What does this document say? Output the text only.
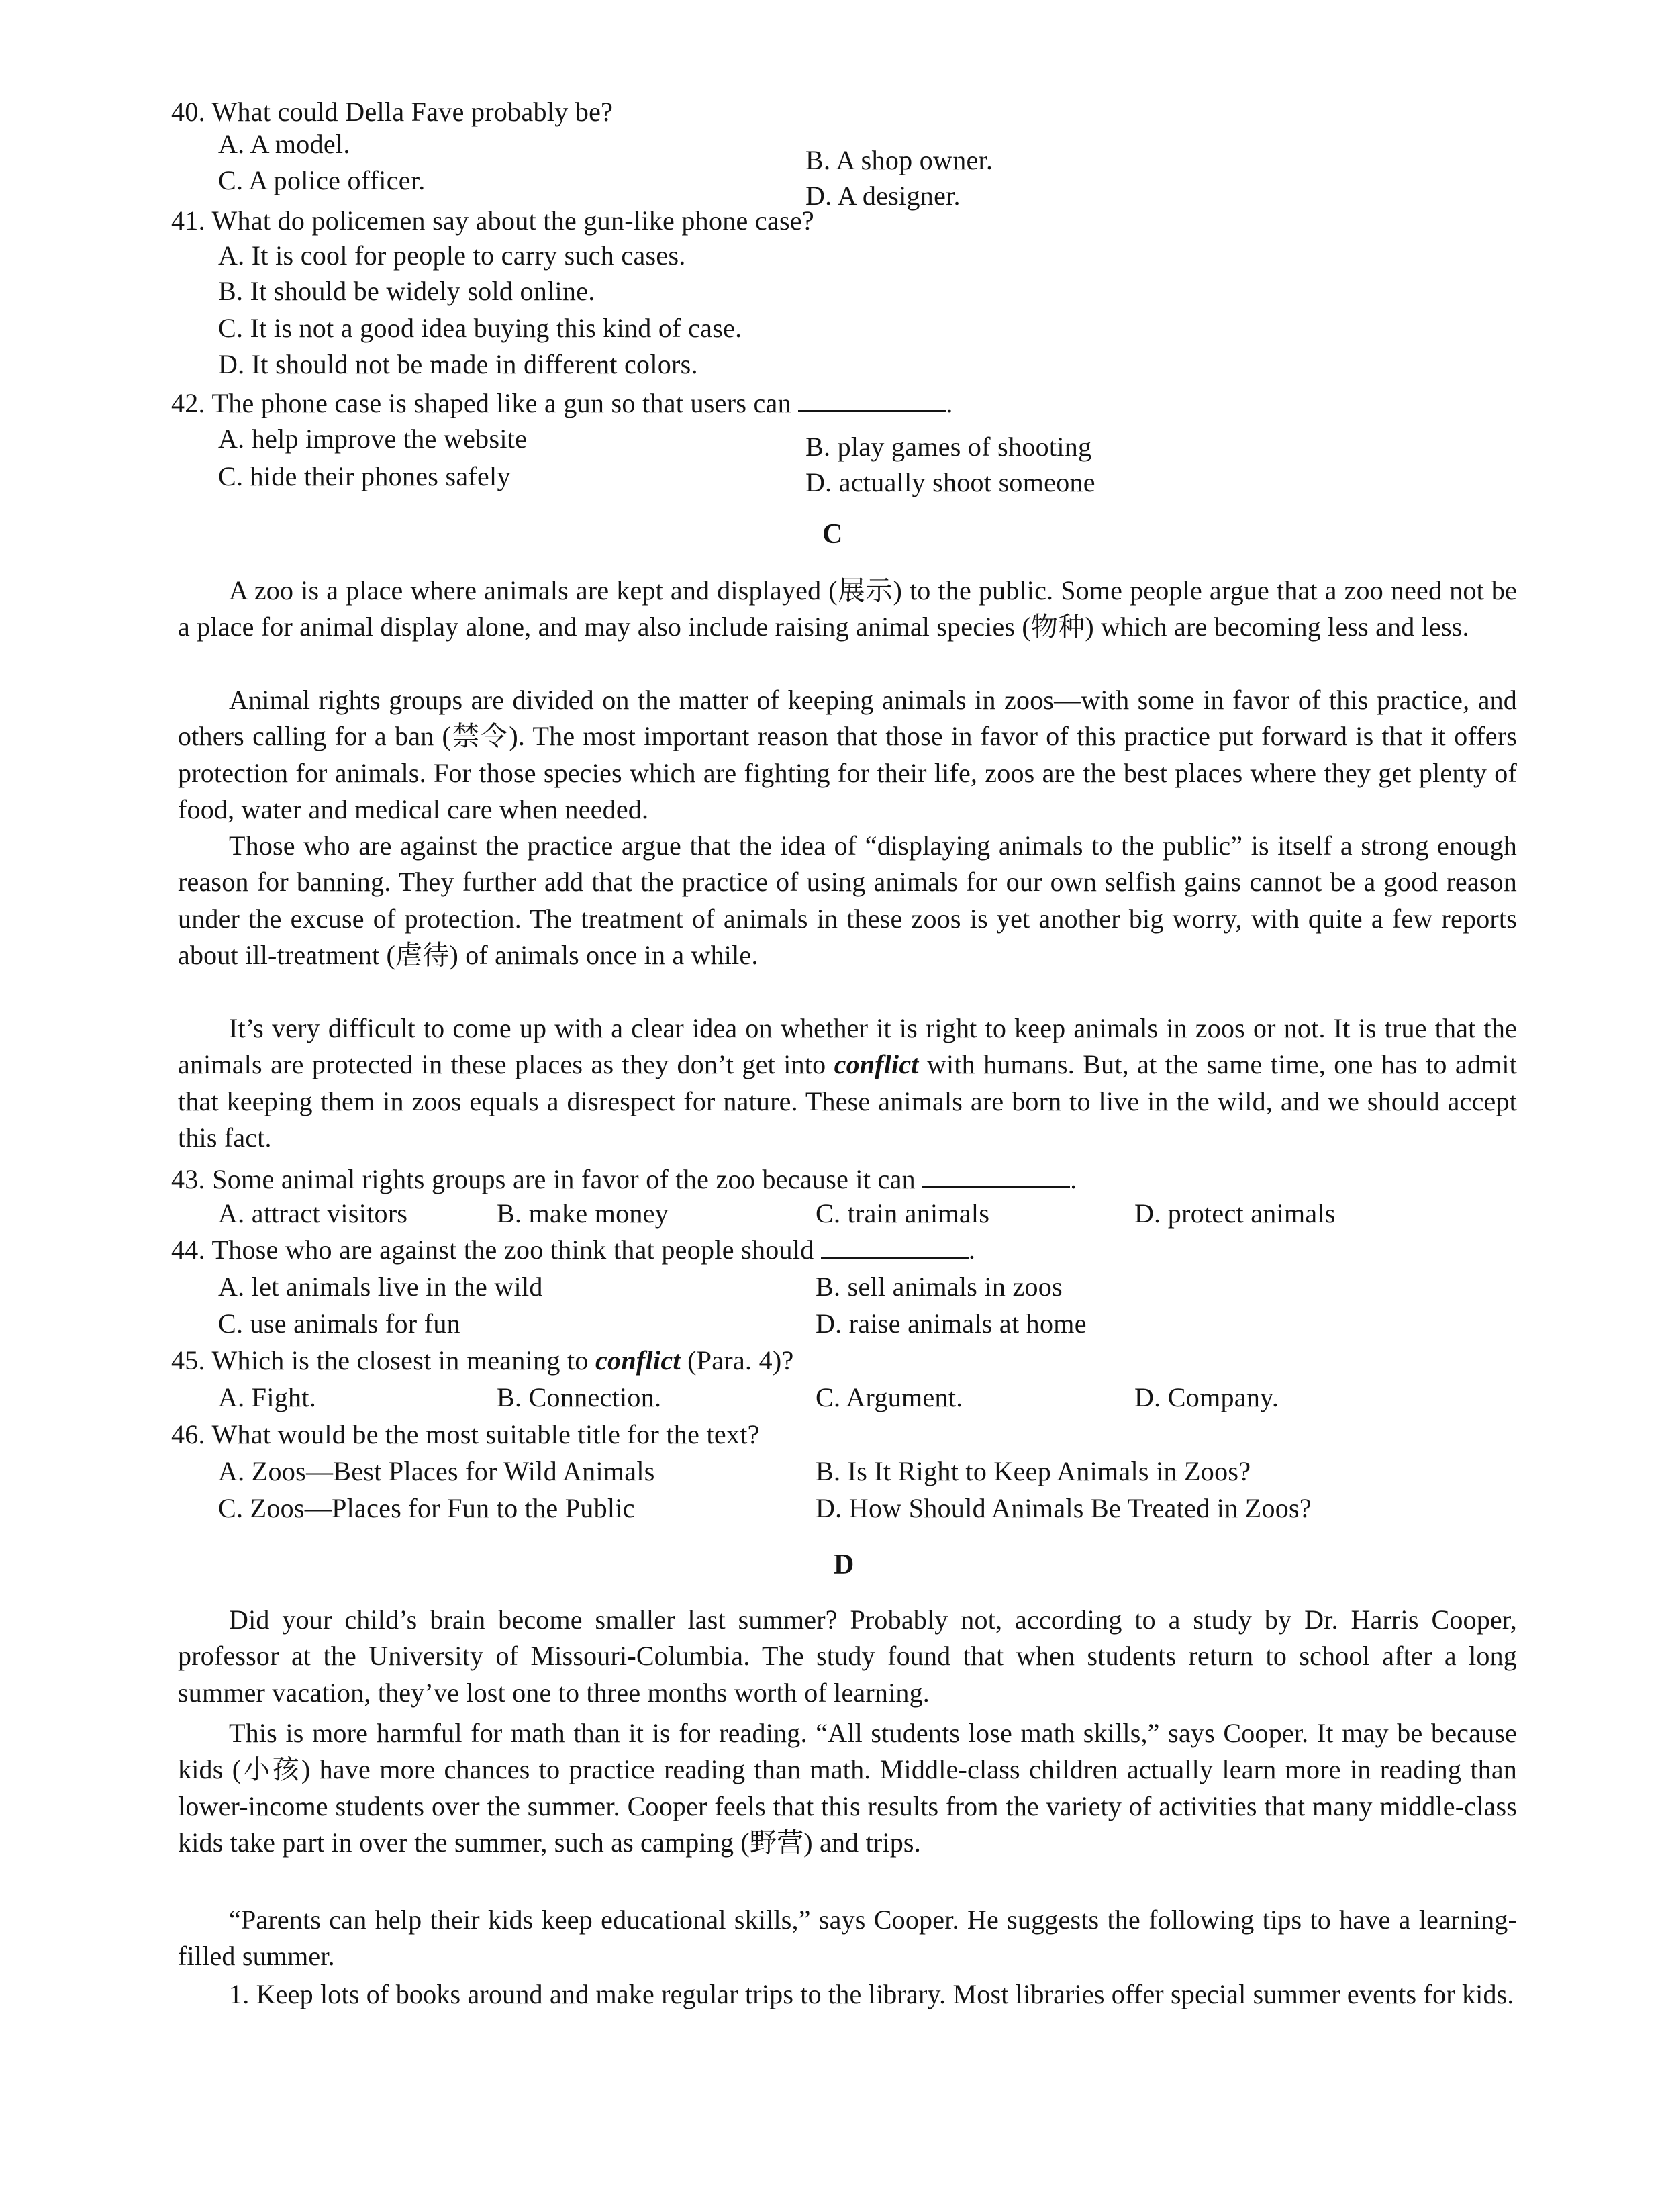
40. What could Della Fave probably be?
A. A model.
B. A shop owner.
C. A police officer.
D. A designer.
41. What do policemen say about the gun-like phone case?
A. It is cool for people to carry such cases.
B. It should be widely sold online.
C. It is not a good idea buying this kind of case.
D. It should not be made in different colors.
42. The phone case is shaped like a gun so that users can	.
A. help improve the website	B. play games of shooting
C. hide their phones safely	D. actually shoot someone
C
A zoo is a place where animals are kept and displayed (展示) to the public. Some people argue that a zoo need not be a place for animal display alone, and may also include raising animal species (物种) which are becoming less and less.
Animal rights groups are divided on the matter of keeping animals in zoos—with some in favor of this practice, and others calling for a ban (禁令). The most important reason that those in favor of this practice put forward is that it offers protection for animals. For those species which are fighting for their life, zoos are the best places where they get plenty of food, water and medical care when needed.
Those who are against the practice argue that the idea of “displaying animals to the public” is itself a strong enough reason for banning. They further add that the practice of using animals for our own selfish gains cannot be a good reason under the excuse of protection. The treatment of animals in these zoos is yet another big worry, with quite a few reports about ill-treatment (虐待) of animals once in a while.
It’s very difficult to come up with a clear idea on whether it is right to keep animals in zoos or not. It is true that the animals are protected in these places as they don’t get into conflict with humans. But, at the same time, one has to admit that keeping them in zoos equals a disrespect for nature. These animals are born to live in the wild, and we should accept this fact.
43. Some animal rights groups are in favor of the zoo because it can	.
A. attract visitors	B. make money	C. train animals	D. protect animals
44. Those who are against the zoo think that people should	.
A. let animals live in the wild	B. sell animals in zoos
C. use animals for fun	D. raise animals at home
45. Which is the closest in meaning to conflict (Para. 4)?
A. Fight.	B. Connection.	C. Argument.	D. Company.
46. What would be the most suitable title for the text?
A. Zoos—Best Places for Wild Animals	B. Is It Right to Keep Animals in Zoos?
C. Zoos—Places for Fun to the Public	D. How Should Animals Be Treated in Zoos?
D
Did your child’s brain become smaller last summer? Probably not, according to a study by Dr. Harris Cooper, professor at the University of Missouri-Columbia. The study found that when students return to school after a long summer vacation, they’ve lost one to three months worth of learning.
This is more harmful for math than it is for reading. “All students lose math skills,” says Cooper. It may be because kids (小孩) have more chances to practice reading than math. Middle-class children actually learn more in reading than lower-income students over the summer. Cooper feels that this results from the variety of activities that many middle-class kids take part in over the summer, such as camping (野营) and trips.
“Parents can help their kids keep educational skills,” says Cooper. He suggests the following tips to have a learning-filled summer.
1. Keep lots of books around and make regular trips to the library. Most libraries offer special summer events for kids.
